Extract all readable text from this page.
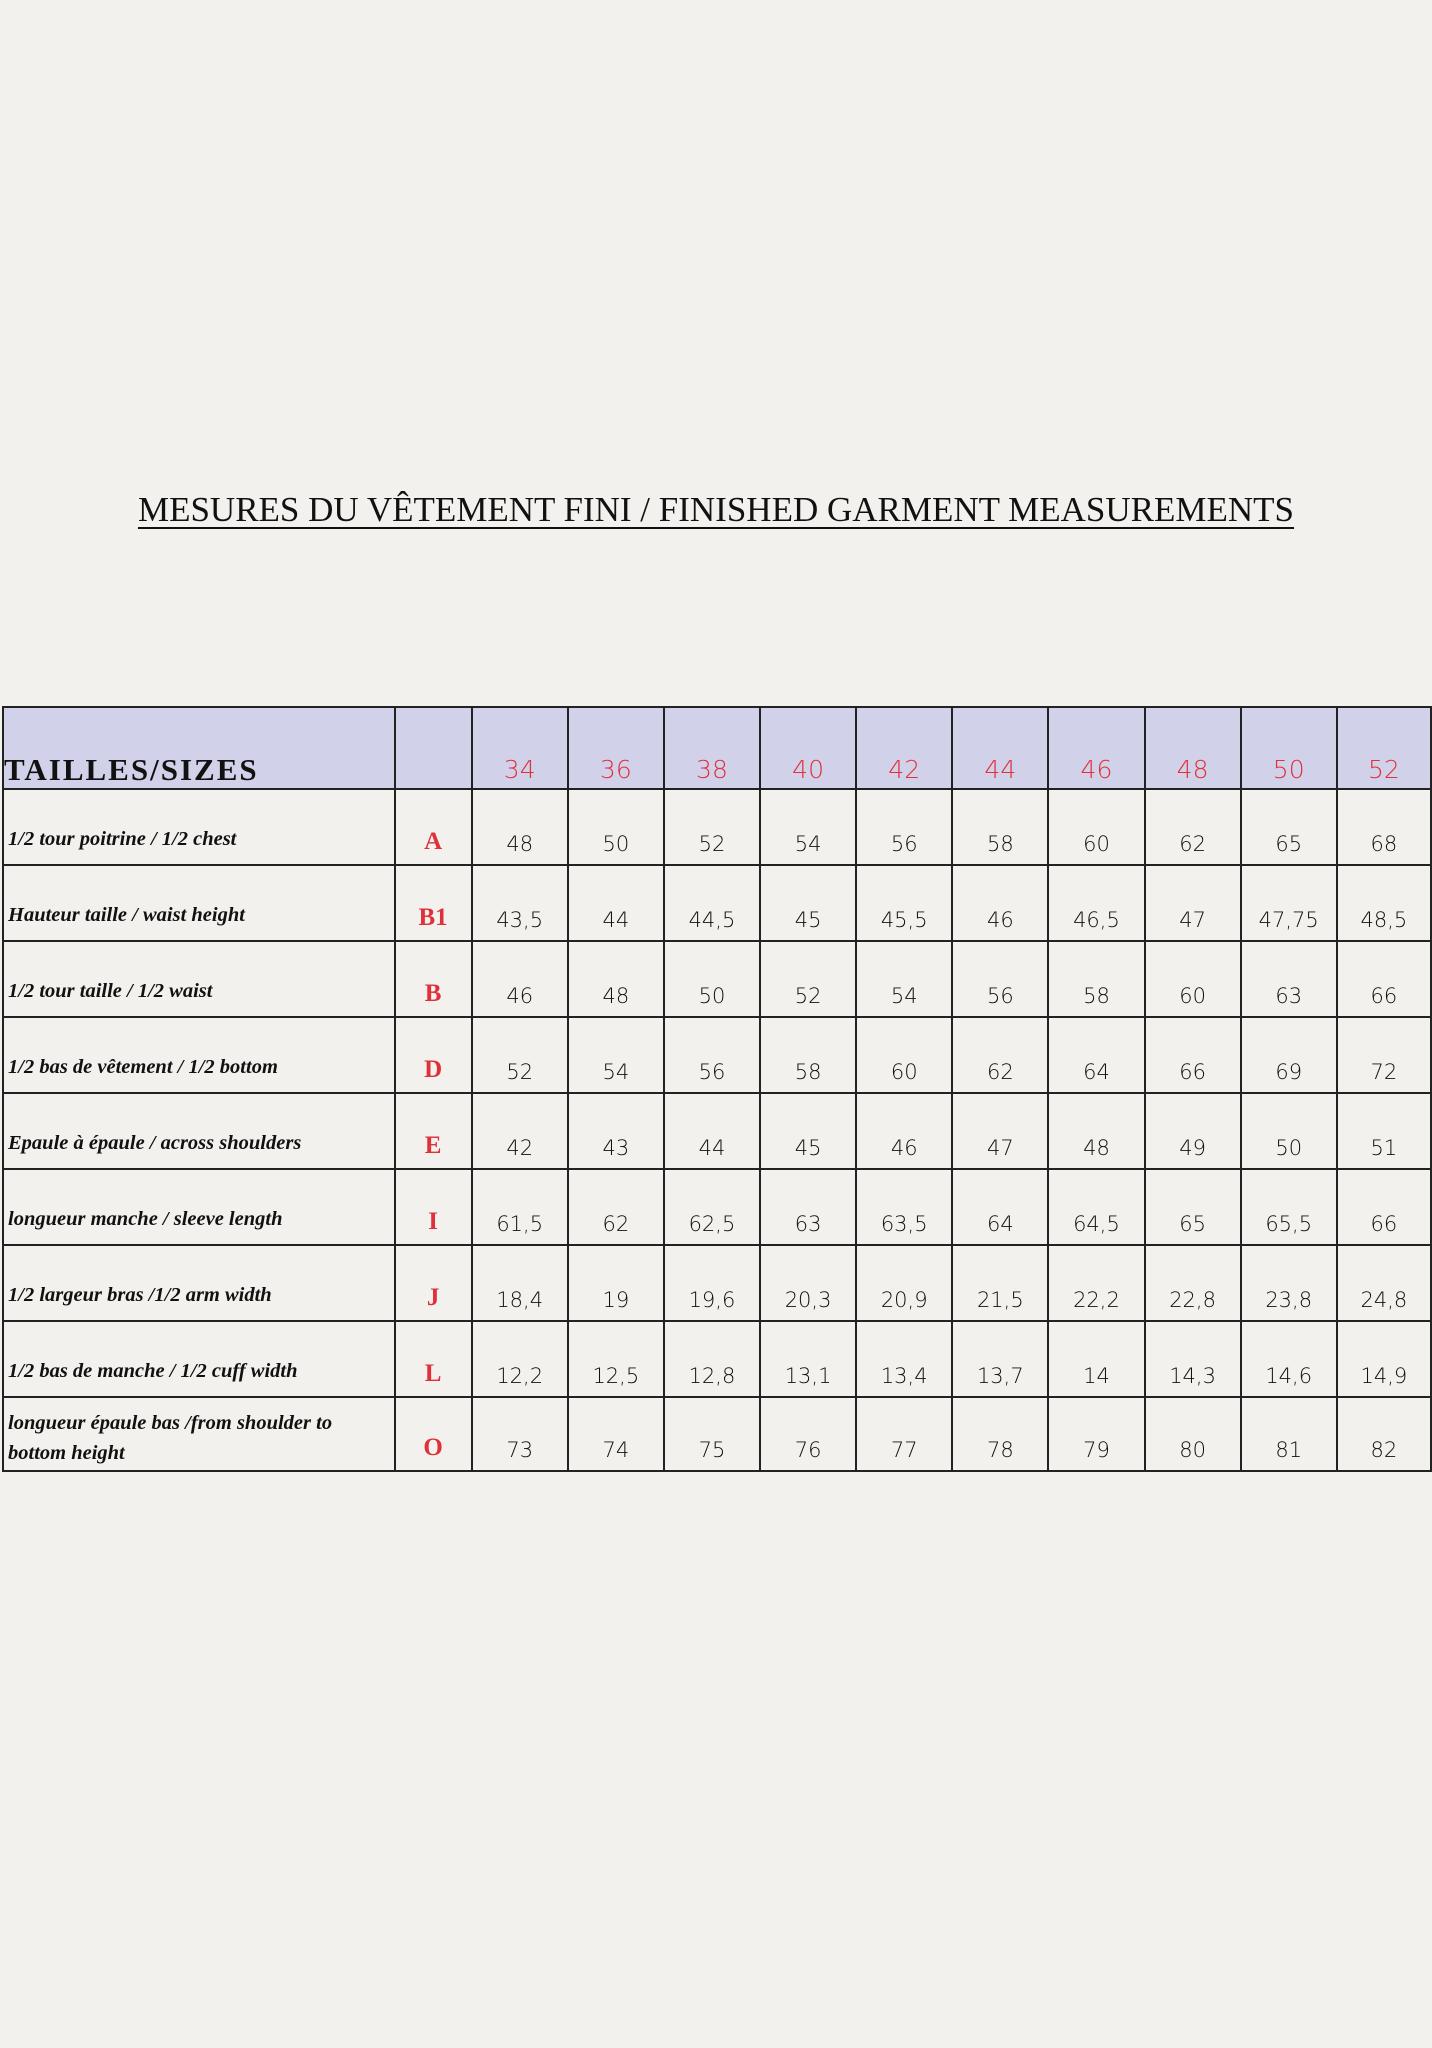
MESURES DU VÊTEMENT FINI / FINISHED GARMENT MEASUREMENTS
TAILLES/SIZES		34	36	38	40	42	44	46	48	50	52
1/2 tour poitrine / 1/2 chest	A	48	50	52	54	56	58	60	62	65	68
Hauteur taille / waist height	B1	43,5	44	44,5	45	45,5	46	46,5	47	47,75	48,5
1/2 tour taille / 1/2 waist	B	46	48	50	52	54	56	58	60	63	66
1/2 bas de vêtement / 1/2 bottom	D	52	54	56	58	60	62	64	66	69	72
Epaule à épaule / across shoulders	E	42	43	44	45	46	47	48	49	50	51
longueur manche / sleeve length	I	61,5	62	62,5	63	63,5	64	64,5	65	65,5	66
1/2 largeur bras /1/2 arm width	J	18,4	19	19,6	20,3	20,9	21,5	22,2	22,8	23,8	24,8
1/2 bas de manche / 1/2 cuff width	L	12,2	12,5	12,8	13,1	13,4	13,7	14	14,3	14,6	14,9
longueur épaule bas /from shoulder to bottom height	O	73	74	75	76	77	78	79	80	81	82
